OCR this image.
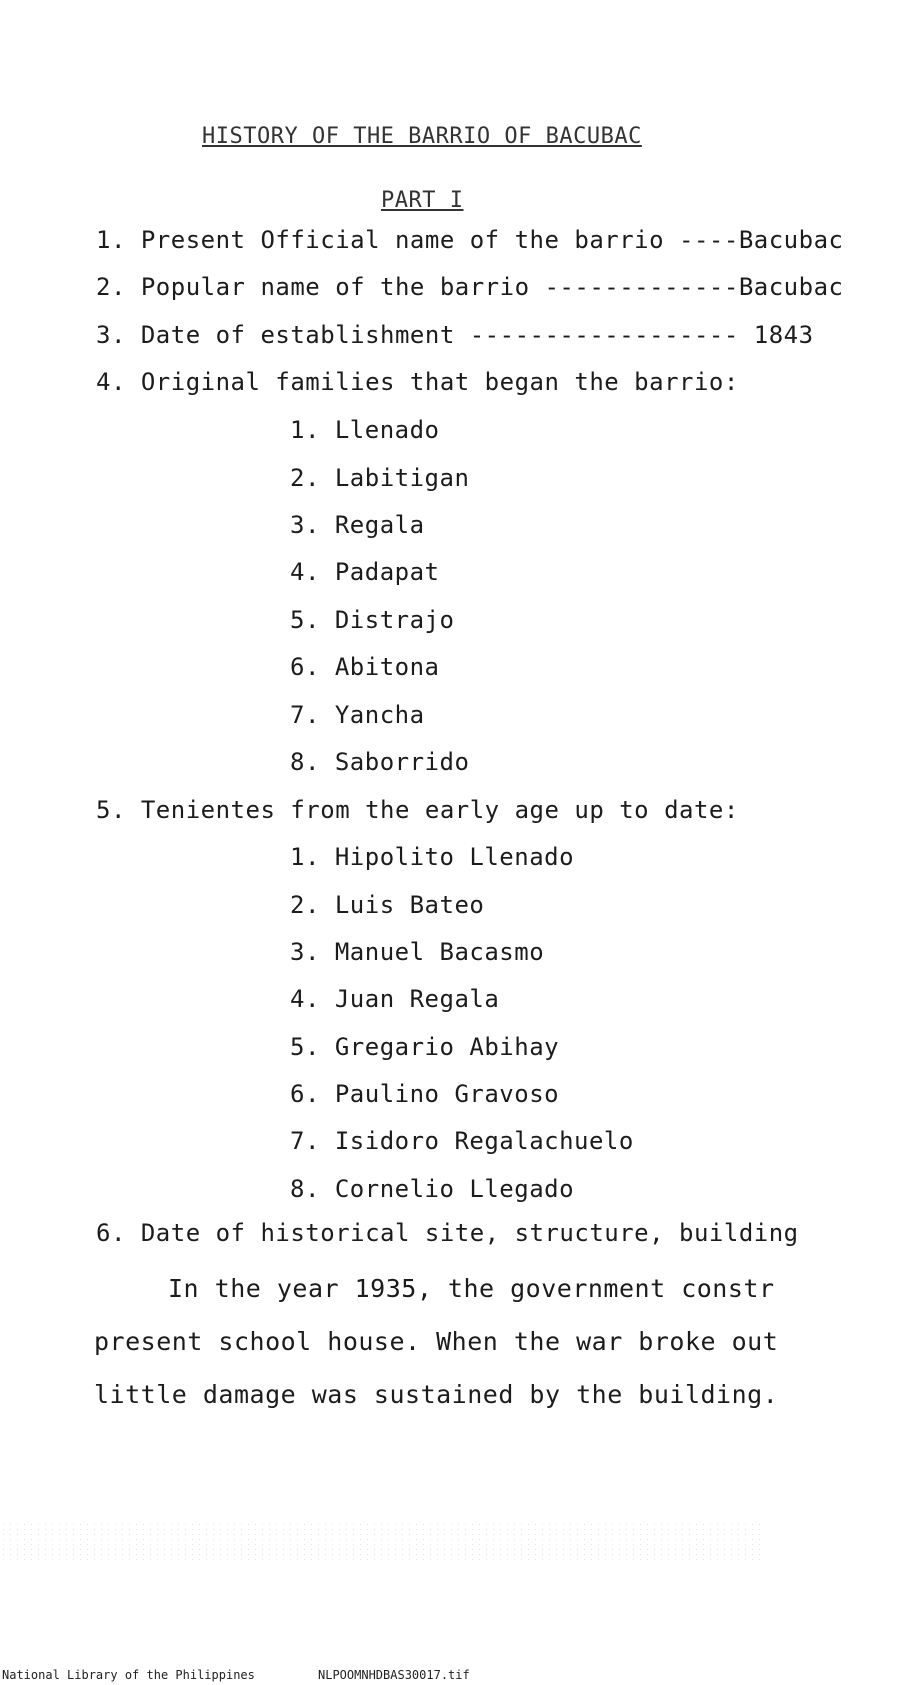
HISTORY OF THE BARRIO OF BACUBAC
PART I
1. Present Official name of the barrio ----Bacubac
2. Popular name of the barrio -------------Bacubac
3. Date of establishment ------------------ 1843
4. Original families that began the barrio:
1. Llenado
2. Labitigan
3. Regala
4. Padapat
5. Distrajo
6. Abitona
7. Yancha
8. Saborrido
5. Tenientes from the early age up to date:
1. Hipolito Llenado
2. Luis Bateo
3. Manuel Bacasmo
4. Juan Regala
5. Gregario Abihay
6. Paulino Gravoso
7. Isidoro Regalachuelo
8. Cornelio Llegado
6. Date of historical site, structure, building
In the year 1935, the government constr
present school house. When the war broke out
little damage was sustained by the building.
National Library of the Philippines	NLPOOMNHDBAS30017.tif
